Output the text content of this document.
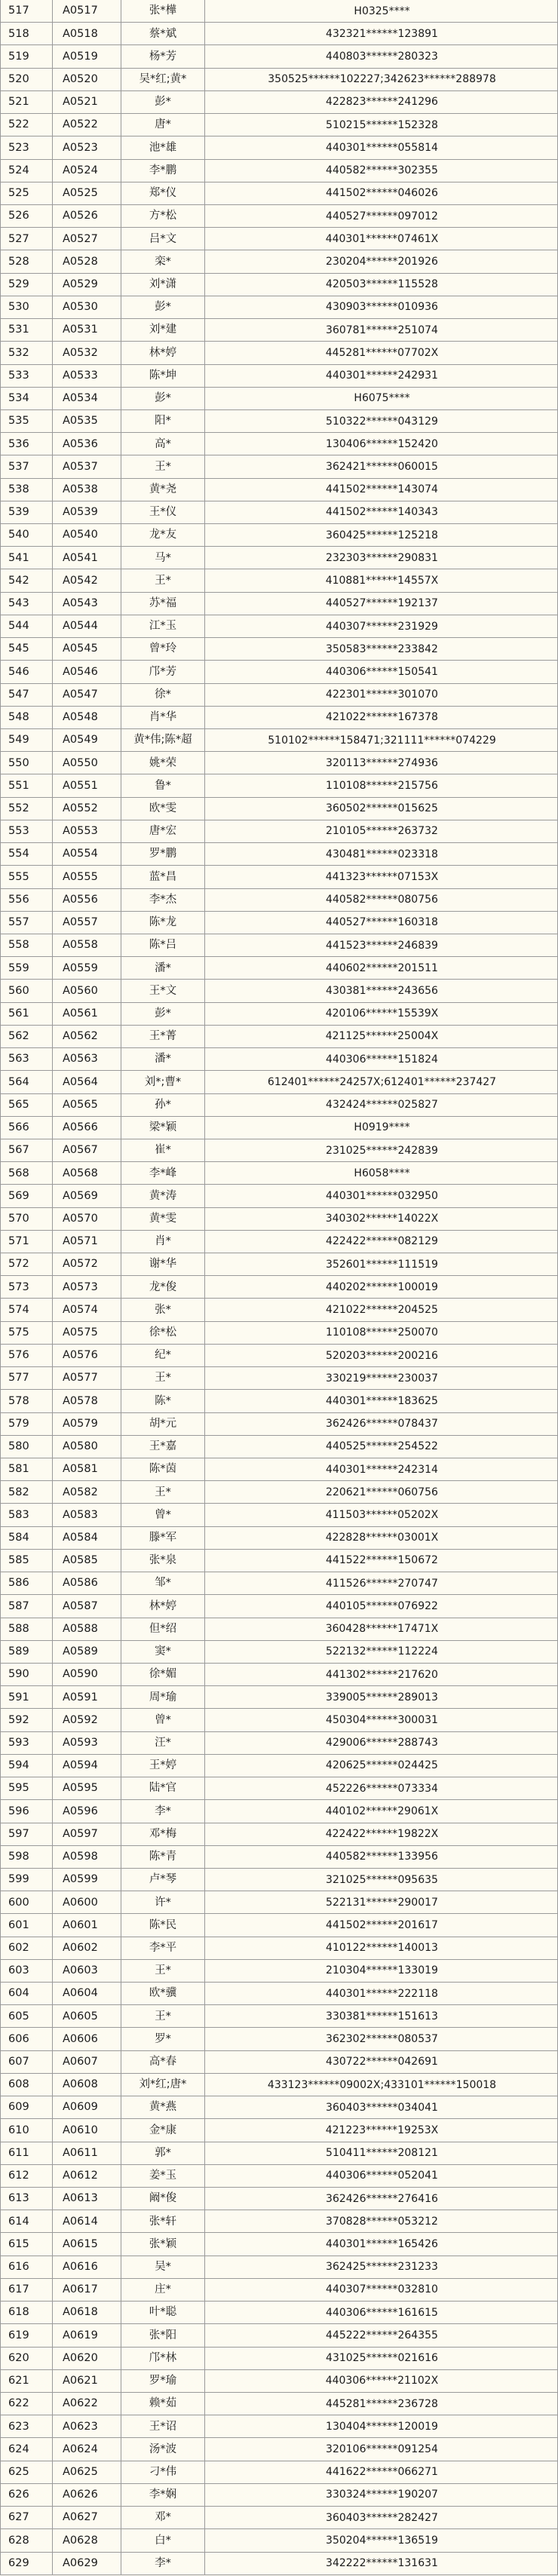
517	A0517	张*樺	H0325****
518	A0518	蔡*斌	432321******123891
519	A0519	杨*芳	440803******280323
520	A0520	吴*红;黄*	350525******102227;342623******288978
521	A0521	彭*	422823******241296
522	A0522	唐*	510215******152328
523	A0523	池*雄	440301******055814
524	A0524	李*鹏	440582******302355
525	A0525	郑*仪	441502******046026
526	A0526	方*松	440527******097012
527	A0527	吕*文	440301******07461X
528	A0528	栾*	230204******201926
529	A0529	刘*潇	420503******115528
530	A0530	彭*	430903******010936
531	A0531	刘*建	360781******251074
532	A0532	林*婷	445281******07702X
533	A0533	陈*坤	440301******242931
534	A0534	彭*	H6075****
535	A0535	阳*	510322******043129
536	A0536	高*	130406******152420
537	A0537	王*	362421******060015
538	A0538	黄*尧	441502******143074
539	A0539	王*仪	441502******140343
540	A0540	龙*友	360425******125218
541	A0541	马*	232303******290831
542	A0542	王*	410881******14557X
543	A0543	苏*福	440527******192137
544	A0544	江*玉	440307******231929
545	A0545	曾*玲	350583******233842
546	A0546	邝*芳	440306******150541
547	A0547	徐*	422301******301070
548	A0548	肖*华	421022******167378
549	A0549	黄*伟;陈*超	510102******158471;321111******074229
550	A0550	姚*荣	320113******274936
551	A0551	鲁*	110108******215756
552	A0552	欧*雯	360502******015625
553	A0553	唐*宏	210105******263732
554	A0554	罗*鹏	430481******023318
555	A0555	蓝*昌	441323******07153X
556	A0556	李*杰	440582******080756
557	A0557	陈*龙	440527******160318
558	A0558	陈*吕	441523******246839
559	A0559	潘*	440602******201511
560	A0560	王*文	430381******243656
561	A0561	彭*	420106******15539X
562	A0562	王*菁	421125******25004X
563	A0563	潘*	440306******151824
564	A0564	刘*;曹*	612401******24257X;612401******237427
565	A0565	孙*	432424******025827
566	A0566	梁*颖	H0919****
567	A0567	崔*	231025******242839
568	A0568	李*峰	H6058****
569	A0569	黄*涛	440301******032950
570	A0570	黄*雯	340302******14022X
571	A0571	肖*	422422******082129
572	A0572	谢*华	352601******111519
573	A0573	龙*俊	440202******100019
574	A0574	张*	421022******204525
575	A0575	徐*松	110108******250070
576	A0576	纪*	520203******200216
577	A0577	王*	330219******230037
578	A0578	陈*	440301******183625
579	A0579	胡*元	362426******078437
580	A0580	王*嘉	440525******254522
581	A0581	陈*茵	440301******242314
582	A0582	王*	220621******060756
583	A0583	曾*	411503******05202X
584	A0584	滕*军	422828******03001X
585	A0585	张*泉	441522******150672
586	A0586	邹*	411526******270747
587	A0587	林*婷	440105******076922
588	A0588	但*绍	360428******17471X
589	A0589	窦*	522132******112224
590	A0590	徐*媚	441302******217620
591	A0591	周*瑜	339005******289013
592	A0592	曾*	450304******300031
593	A0593	汪*	429006******288743
594	A0594	王*婷	420625******024425
595	A0595	陆*官	452226******073334
596	A0596	李*	440102******29061X
597	A0597	邓*梅	422422******19822X
598	A0598	陈*青	440582******133956
599	A0599	卢*琴	321025******095635
600	A0600	许*	522131******290017
601	A0601	陈*民	441502******201617
602	A0602	李*平	410122******140013
603	A0603	王*	210304******133019
604	A0604	欧*骥	440301******222118
605	A0605	王*	330381******151613
606	A0606	罗*	362302******080537
607	A0607	高*春	430722******042691
608	A0608	刘*红;唐*	433123******09002X;433101******150018
609	A0609	黄*燕	360403******034041
610	A0610	金*康	421223******19253X
611	A0611	郭*	510411******208121
612	A0612	姜*玉	440306******052041
613	A0613	阚*俊	362426******276416
614	A0614	张*轩	370828******053212
615	A0615	张*颖	440301******165426
616	A0616	吴*	362425******231233
617	A0617	庄*	440307******032810
618	A0618	叶*聪	440306******161615
619	A0619	张*阳	445222******264355
620	A0620	邝*林	431025******021616
621	A0621	罗*瑜	440306******21102X
622	A0622	赖*茹	445281******236728
623	A0623	王*诏	130404******120019
624	A0624	汤*波	320106******091254
625	A0625	刁*伟	441622******066271
626	A0626	李*娴	330324******190207
627	A0627	邓*	360403******282427
628	A0628	白*	350204******136519
629	A0629	李*	342222******131631
